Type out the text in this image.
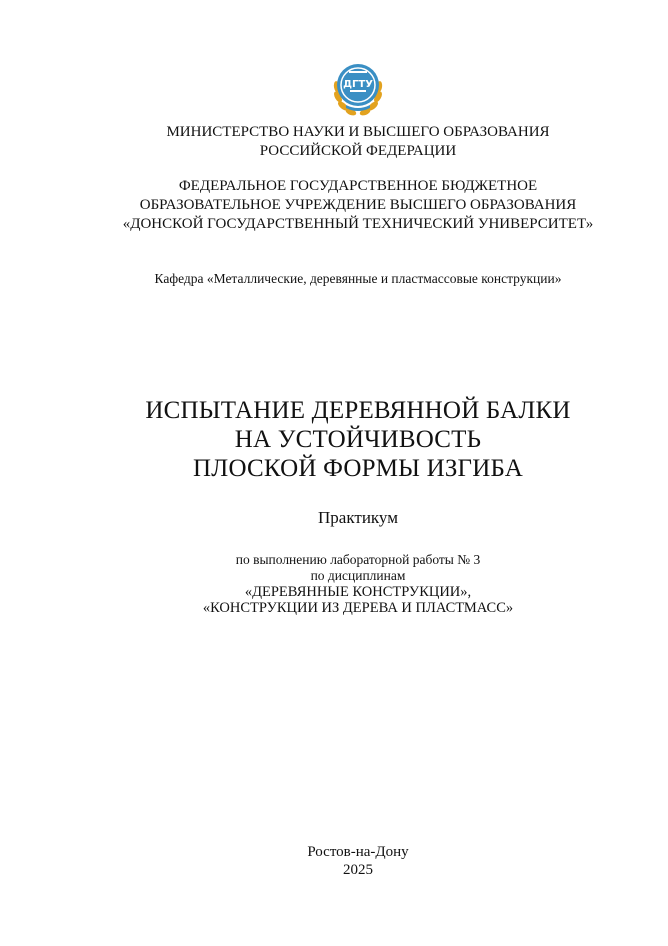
ДГТУ
МИНИСТЕРСТВО НАУКИ И ВЫСШЕГО ОБРАЗОВАНИЯ
РОССИЙСКОЙ ФЕДЕРАЦИИ
ФЕДЕРАЛЬНОЕ ГОСУДАРСТВЕННОЕ БЮДЖЕТНОЕ
ОБРАЗОВАТЕЛЬНОЕ УЧРЕЖДЕНИЕ ВЫСШЕГО ОБРАЗОВАНИЯ
«ДОНСКОЙ ГОСУДАРСТВЕННЫЙ ТЕХНИЧЕСКИЙ УНИВЕРСИТЕТ»
Кафедра «Металлические, деревянные и пластмассовые конструкции»
ИСПЫТАНИЕ ДЕРЕВЯННОЙ БАЛКИ
НА УСТОЙЧИВОСТЬ
ПЛОСКОЙ ФОРМЫ ИЗГИБА
Практикум
по выполнению лабораторной работы № 3
по дисциплинам
«ДЕРЕВЯННЫЕ КОНСТРУКЦИИ»,
«КОНСТРУКЦИИ ИЗ ДЕРЕВА И ПЛАСТМАСС»
Ростов-на-Дону
2025
